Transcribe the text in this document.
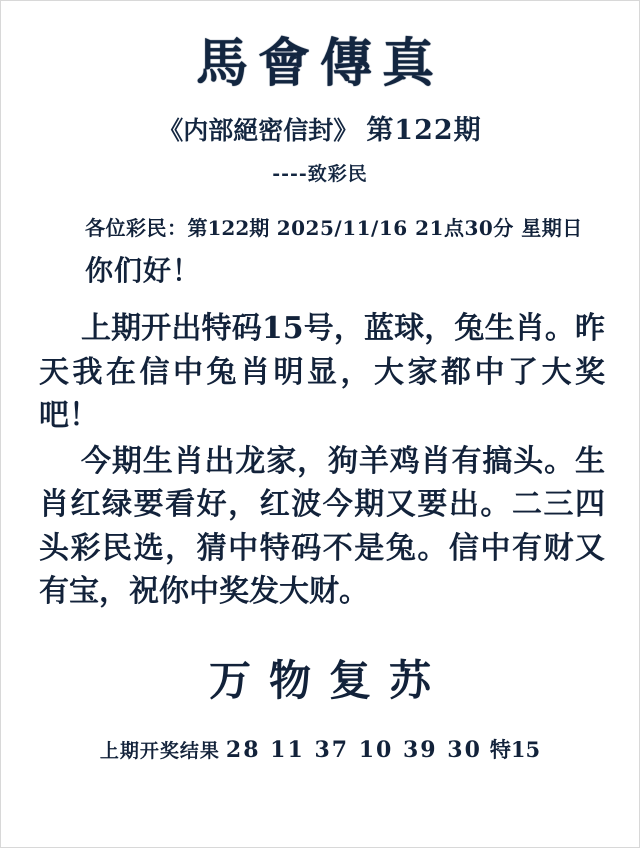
馬會傳真
《内部絕密信封》 第122期
----致彩民
各位彩民：第122期 2025/11/16 21点30分 星期日
你们好！

上期开出特码15号，蓝球，兔生肖。昨天我在信中兔肖明显，大家都中了大奖吧！

今期生肖出龙家，狗羊鸡肖有搞头。生肖红绿要看好，红波今期又要出。二三四头彩民选，猜中特码不是兔。信中有财又有宝，祝你中奖发大财。

万物复苏
上期开奖结果 28 11 37 10 39 30 特15
